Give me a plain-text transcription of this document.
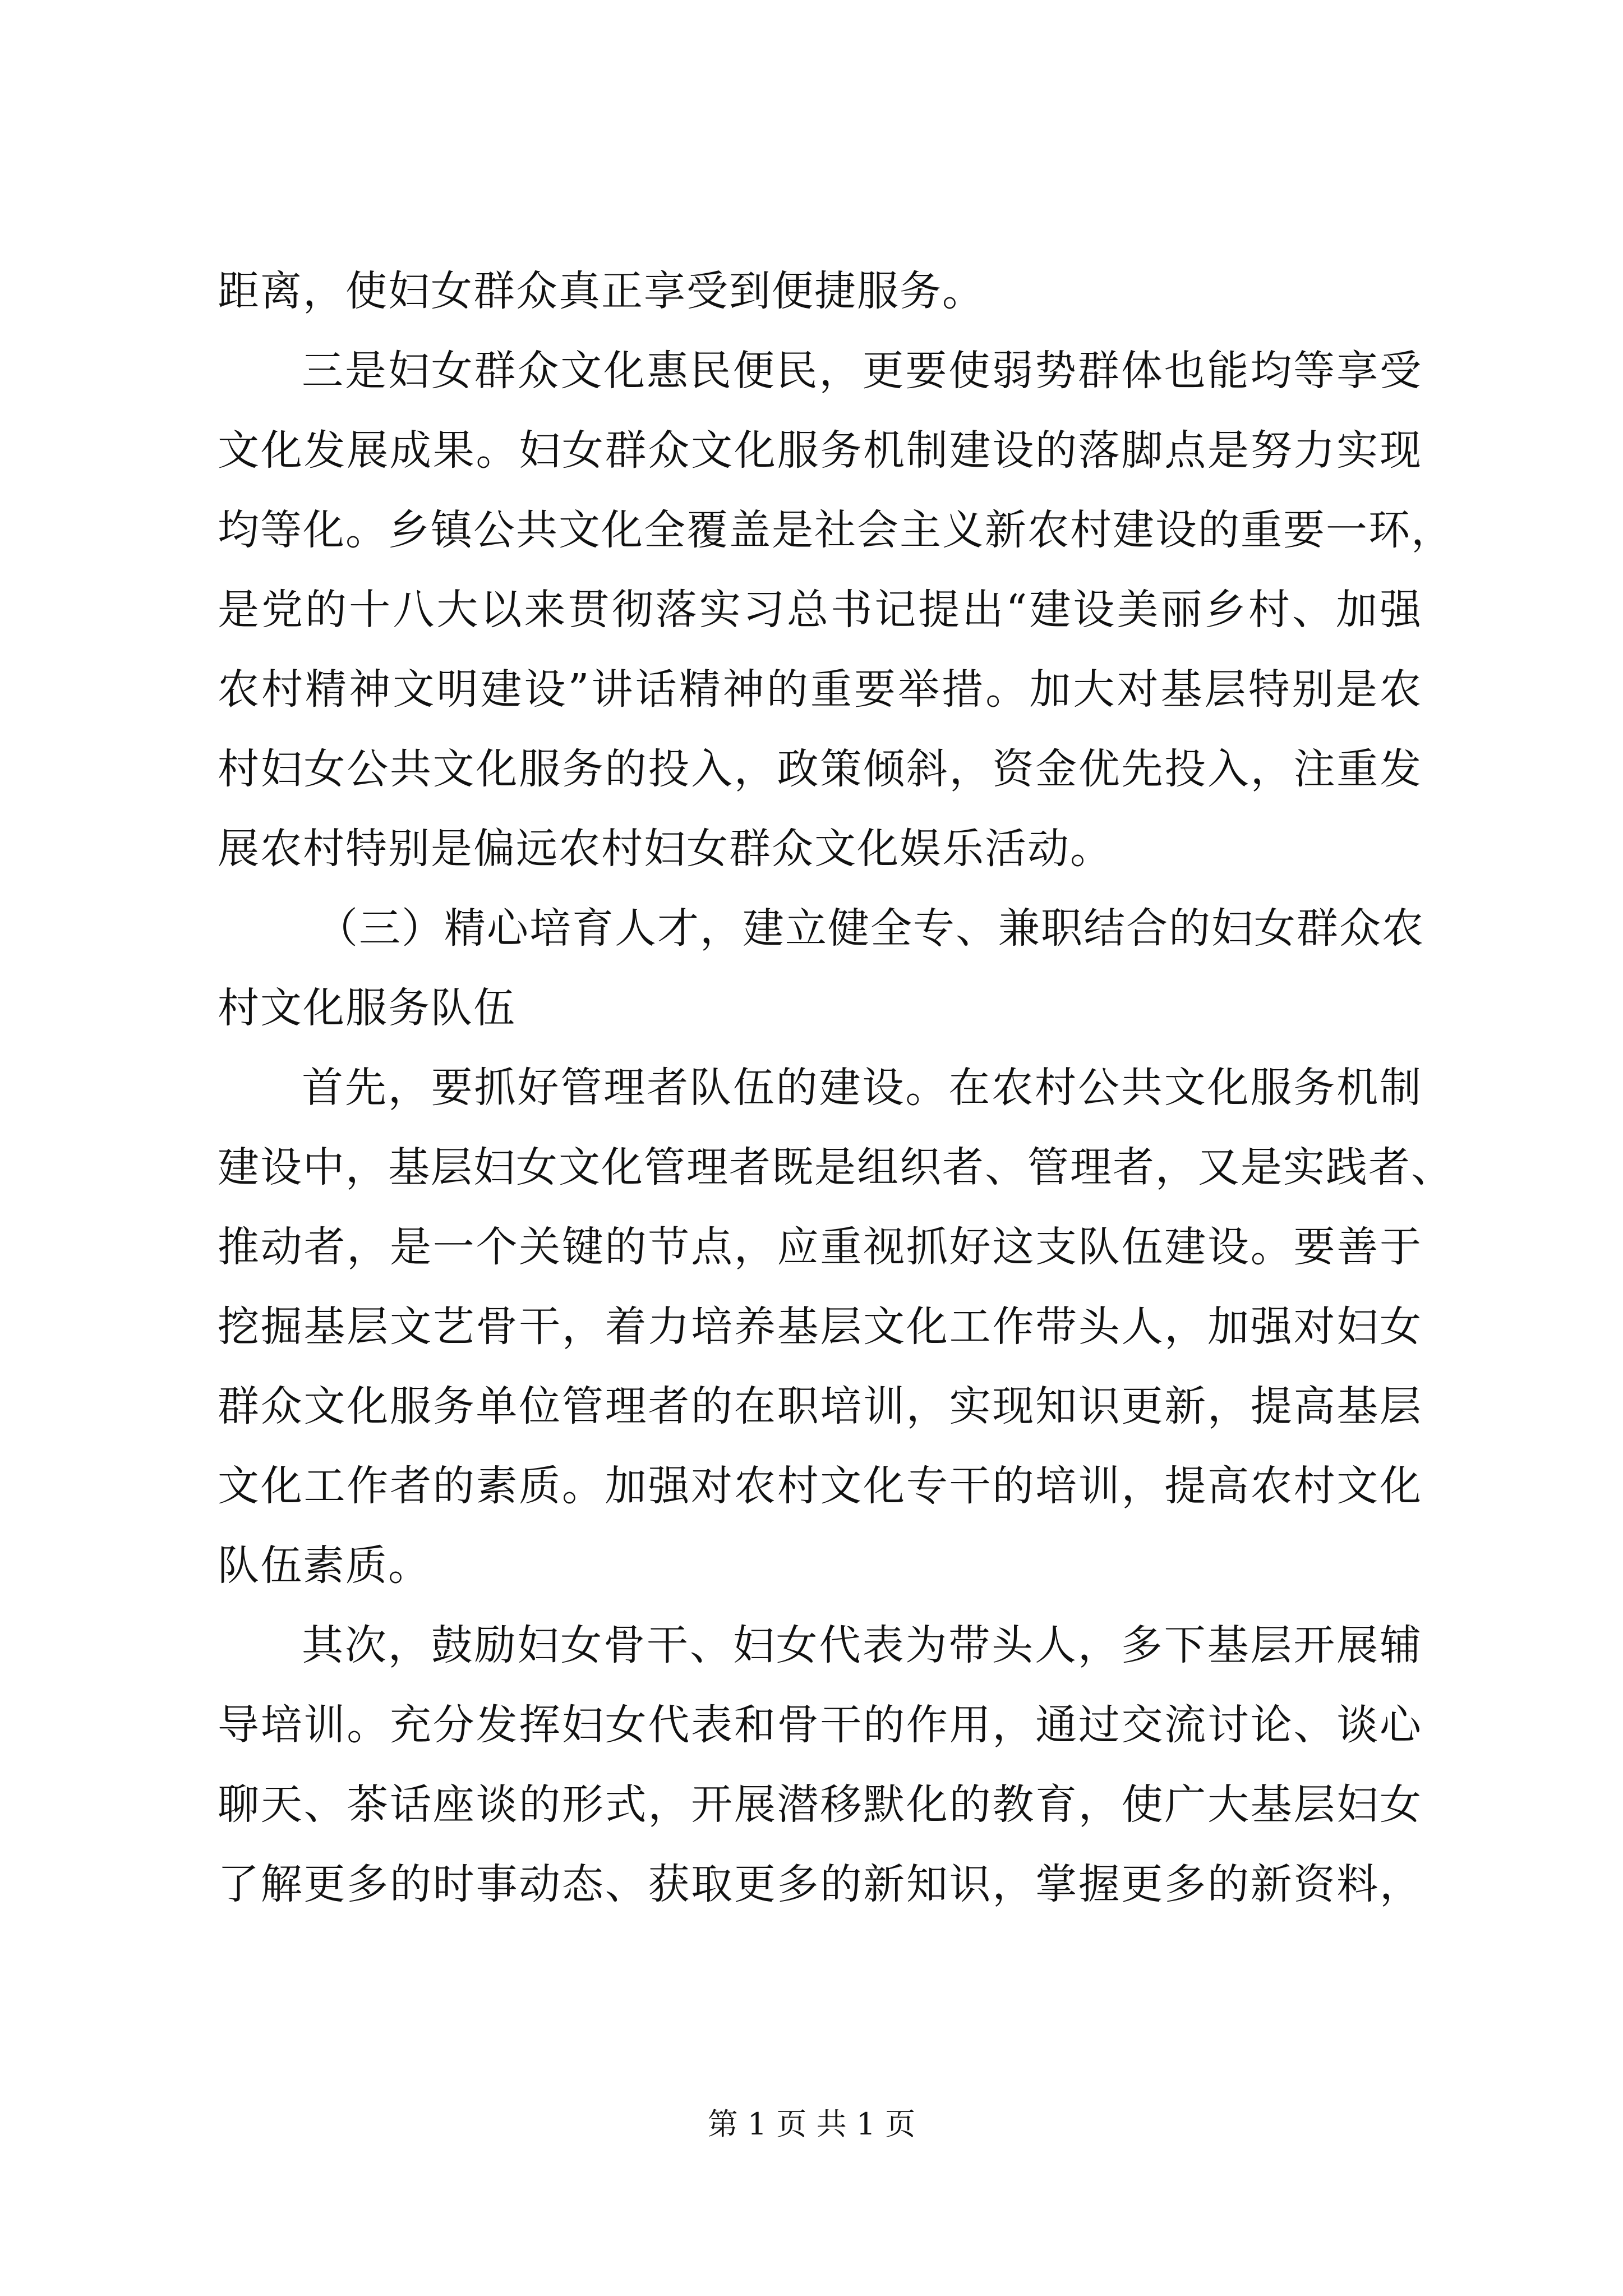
距离，使妇女群众真正享受到便捷服务。
三是妇女群众文化惠民便民，更要使弱势群体也能均等享受
文化发展成果。妇女群众文化服务机制建设的落脚点是努力实现
均等化。乡镇公共文化全覆盖是社会主义新农村建设的重要一环，
是党的十八大以来贯彻落实习总书记提出“建设美丽乡村、加强
农村精神文明建设”讲话精神的重要举措。加大对基层特别是农
村妇女公共文化服务的投入，政策倾斜，资金优先投入，注重发
展农村特别是偏远农村妇女群众文化娱乐活动。
（三）精心培育人才，建立健全专、兼职结合的妇女群众农
村文化服务队伍
首先，要抓好管理者队伍的建设。在农村公共文化服务机制
建设中，基层妇女文化管理者既是组织者、管理者，又是实践者、
推动者，是一个关键的节点，应重视抓好这支队伍建设。要善于
挖掘基层文艺骨干，着力培养基层文化工作带头人，加强对妇女
群众文化服务单位管理者的在职培训，实现知识更新，提高基层
文化工作者的素质。加强对农村文化专干的培训，提高农村文化
队伍素质。
其次，鼓励妇女骨干、妇女代表为带头人，多下基层开展辅
导培训。充分发挥妇女代表和骨干的作用，通过交流讨论、谈心
聊天、茶话座谈的形式，开展潜移默化的教育，使广大基层妇女
了解更多的时事动态、获取更多的新知识，掌握更多的新资料，
第 1 页 共 1 页
